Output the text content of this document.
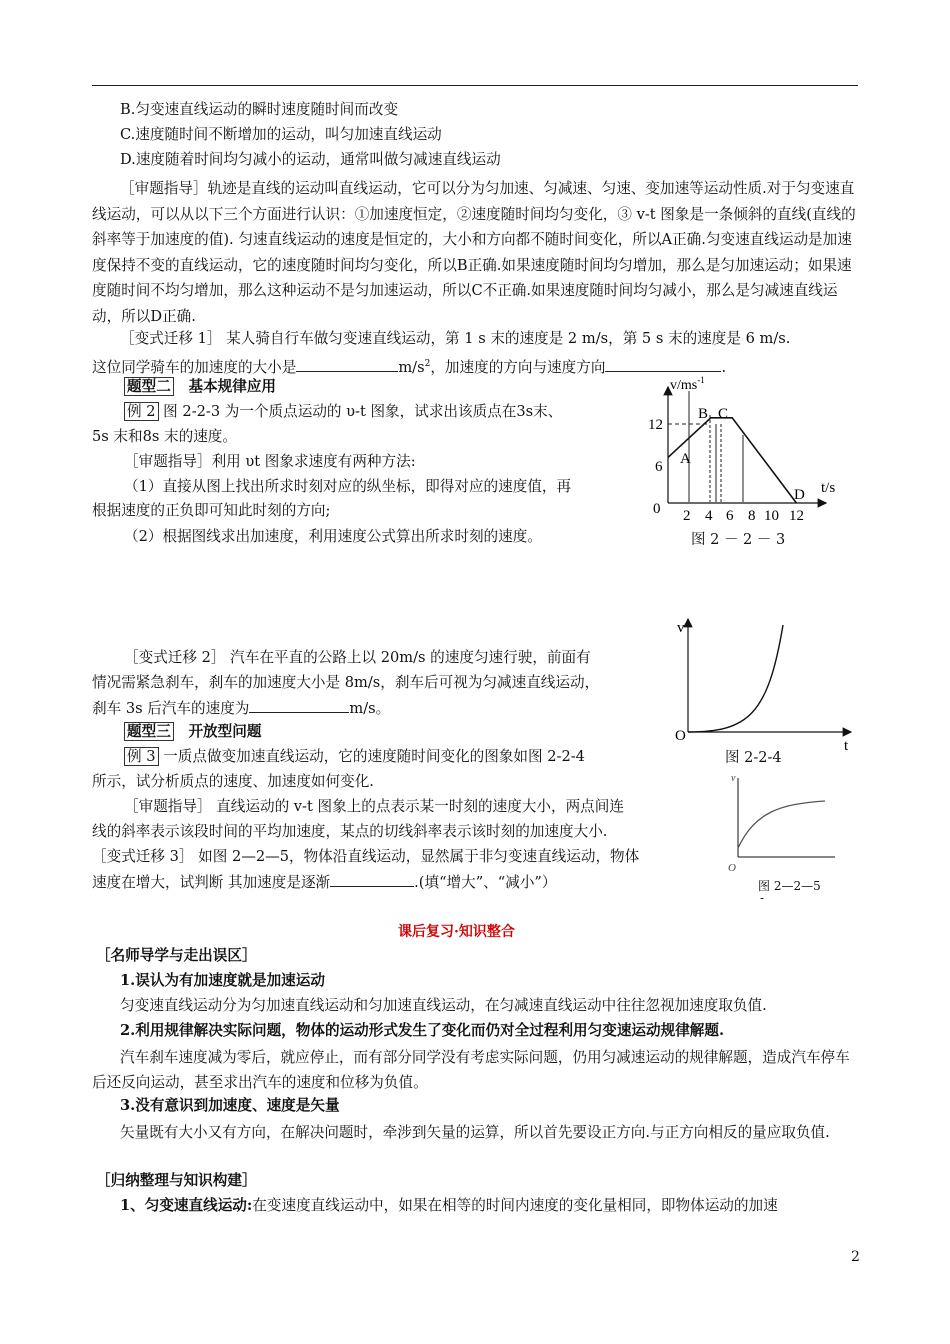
B.匀变速直线运动的瞬时速度随时间而改变
C.速度随时间不断增加的运动，叫匀加速直线运动
D.速度随着时间均匀减小的运动，通常叫做匀减速直线运动
［审题指导］轨迹是直线的运动叫直线运动，它可以分为匀加速、匀减速、匀速、变加速等运动性质.对于匀变速直线运动，可以从以下三个方面进行认识：①加速度恒定，②速度随时间均匀变化，③ v-t 图象是一条倾斜的直线(直线的斜率等于加速度的值). 匀速直线运动的速度是恒定的，大小和方向都不随时间变化，所以A正确.匀变速直线运动是加速度保持不变的直线运动，它的速度随时间均匀变化，所以B正确.如果速度随时间均匀增加，那么是匀加速运动；如果速度随时间不均匀增加，那么这种运动不是匀加速运动，所以C不正确.如果速度随时间均匀减小，那么是匀减速直线运动，所以D正确.
［变式迁移 1］ 某人骑自行车做匀变速直线运动，第 1 s 末的速度是 2 m/s，第 5 s 末的速度是 6 m/s.
这位同学骑车的加速度的大小是	$m/s^2$，加速度的方向与速度方向	.
题型二 基本规律应用
例 2 图 2-2-3 为一个质点运动的 υ-t 图象，试求出该质点在3s末、
5s 末和8s 末的速度。
［审题指导］利用 υt 图象求速度有两种方法:
（1）直接从图上找出所求时刻对应的纵坐标，即得对应的速度值，再
根据速度的正负即可知此时刻的方向;
（2）根据图线求出加速度，利用速度公式算出所求时刻的速度。
$v/ms^{-1}$
t/s
12
6
0 2 4 6 8 10 12
A
B C
D
图 2 － 2 － 3
v
O
t
图 2-2-4
v
O
图 2—2—5
-
［变式迁移 2］ 汽车在平直的公路上以 20m/s 的速度匀速行驶，前面有
情况需紧急刹车，刹车的加速度大小是 8m/s，刹车后可视为匀减速直线运动，
刹车 3s 后汽车的速度为	m/s。
题型三 开放型问题
例 3 一质点做变加速直线运动，它的速度随时间变化的图象如图 2-2-4
所示，试分析质点的速度、加速度如何变化.
［审题指导］ 直线运动的 v-t 图象上的点表示某一时刻的速度大小，两点间连
线的斜率表示该段时间的平均加速度，某点的切线斜率表示该时刻的加速度大小.
［变式迁移 3］ 如图 2—2—5，物体沿直线运动，显然属于非匀变速直线运动，物体
速度在增大，试判断 其加速度是逐渐	.(填“增大”、“减小”）
课后复习·知识整合
［名师导学与走出误区］
1.误认为有加速度就是加速运动
匀变速直线运动分为匀加速直线运动和匀加速直线运动，在匀减速直线运动中往往忽视加速度取负值.
2.利用规律解决实际问题，物体的运动形式发生了变化而仍对全过程利用匀变速运动规律解题.
汽车刹车速度减为零后，就应停止，而有部分同学没有考虑实际问题，仍用匀减速运动的规律解题，造成汽车停车后还反向运动，甚至求出汽车的速度和位移为负值。
3.没有意识到加速度、速度是矢量
矢量既有大小又有方向，在解决问题时，牵涉到矢量的运算，所以首先要设正方向.与正方向相反的量应取负值.
［归纳整理与知识构建］
1、匀变速直线运动:在变速度直线运动中，如果在相等的时间内速度的变化量相同，即物体运动的加速
2
